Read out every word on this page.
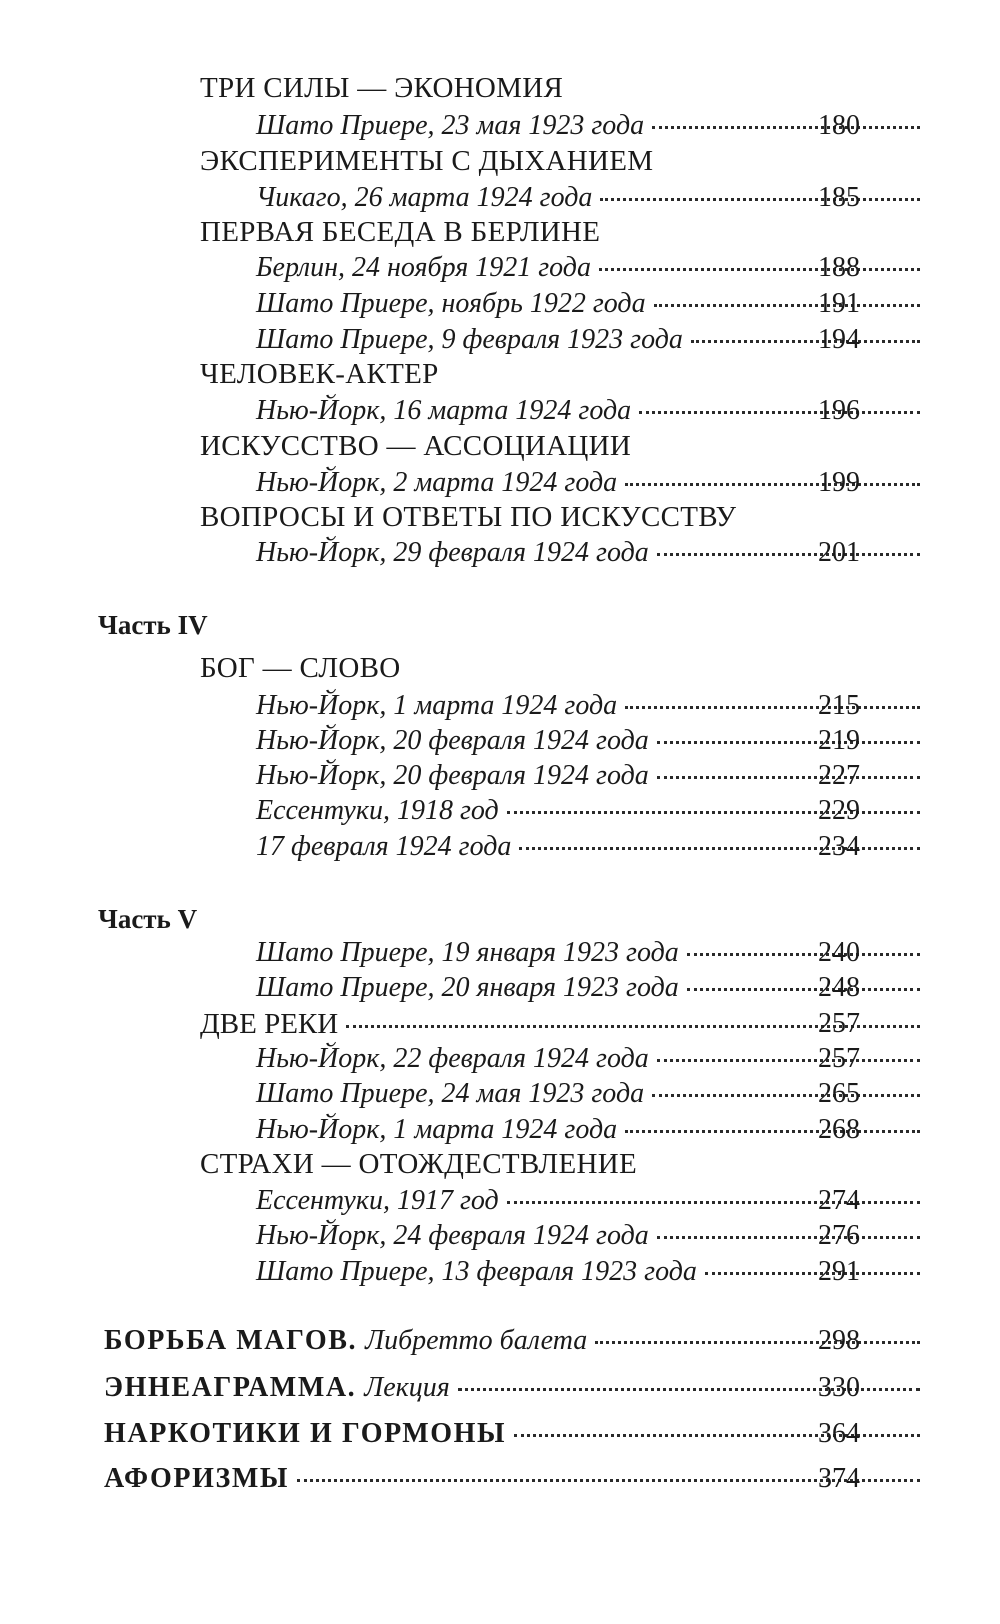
ТРИ СИЛЫ — ЭКОНОМИЯ
Шато Приере, 23 мая 1923 года	180
ЭКСПЕРИМЕНТЫ С ДЫХАНИЕМ
Чикаго, 26 марта 1924 года	185
ПЕРВАЯ БЕСЕДА В БЕРЛИНЕ
Берлин, 24 ноября 1921 года	188
Шато Приере, ноябрь 1922 года	191
Шато Приере, 9 февраля 1923 года	194
ЧЕЛОВЕК-АКТЕР
Нью-Йорк, 16 марта 1924 года	196
ИСКУССТВО — АССОЦИАЦИИ
Нью-Йорк, 2 марта 1924 года	199
ВОПРОСЫ И ОТВЕТЫ ПО ИСКУССТВУ
Нью-Йорк, 29 февраля 1924 года	201
Часть IV
БОГ — СЛОВО
Нью-Йорк, 1 марта 1924 года	215
Нью-Йорк, 20 февраля 1924 года	219
Нью-Йорк, 20 февраля 1924 года	227
Ессентуки, 1918 год	229
17 февраля 1924 года	234
Часть V
Шато Приере, 19 января 1923 года	240
Шато Приере, 20 января 1923 года	248
ДВЕ РЕКИ	257
Нью-Йорк, 22 февраля 1924 года	257
Шато Приере, 24 мая 1923 года	265
Нью-Йорк, 1 марта 1924 года	268
СТРАХИ — ОТОЖДЕСТВЛЕНИЕ
Ессентуки, 1917 год	274
Нью-Йорк, 24 февраля 1924 года	276
Шато Приере, 13 февраля 1923 года	291
БОРЬБА МАГОВ. Либретто балета	298
ЭННЕАГРАММА. Лекция	330
НАРКОТИКИ И ГОРМОНЫ	364
АФОРИЗМЫ	374
